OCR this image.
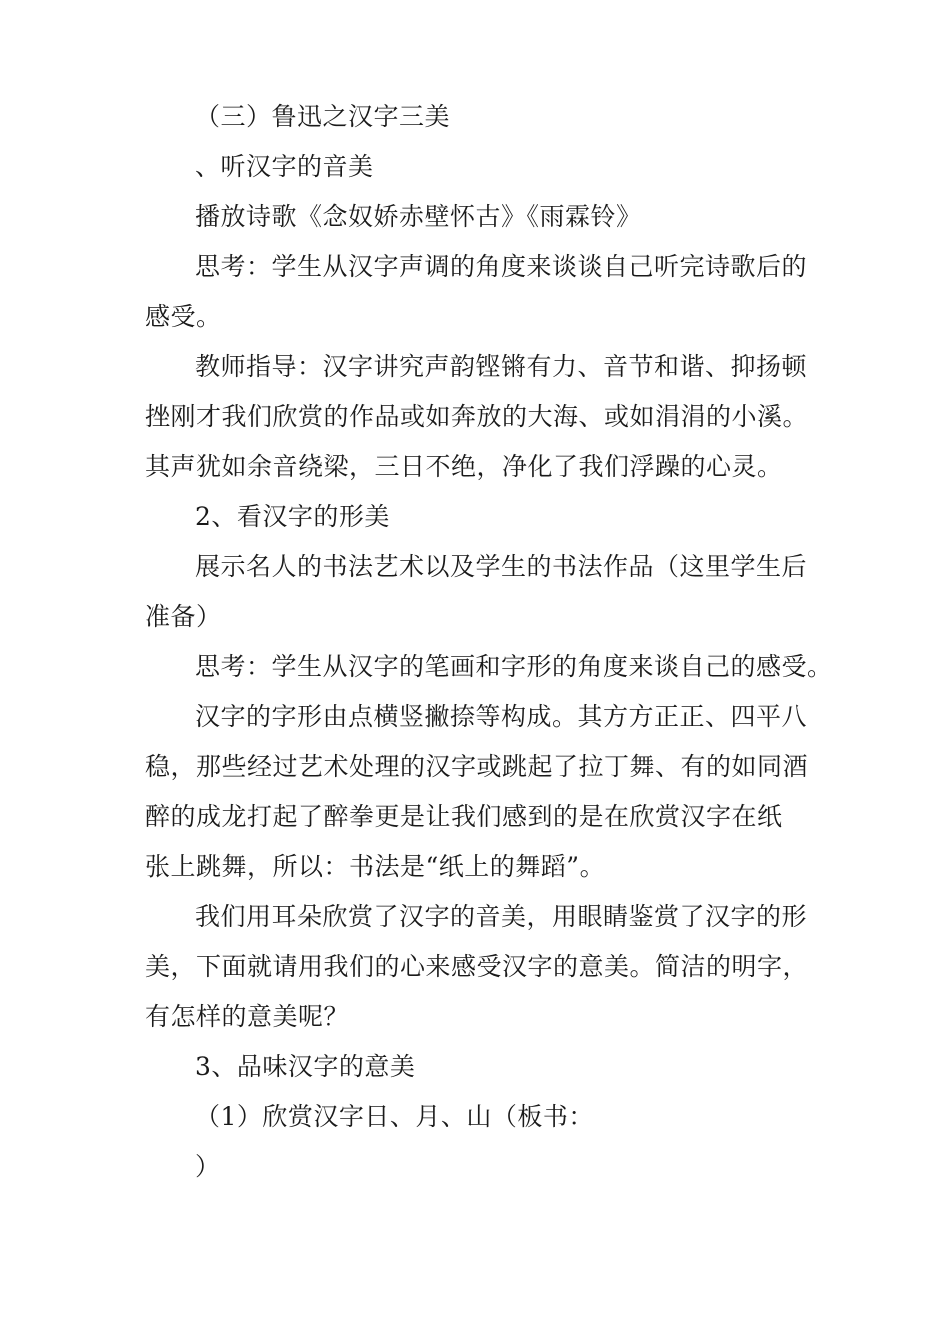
（三）鲁迅之汉字三美
、听汉字的音美
播放诗歌《念奴娇赤壁怀古》《雨霖铃》
思考：学生从汉字声调的角度来谈谈自己听完诗歌后的
感受。
教师指导：汉字讲究声韵铿锵有力、音节和谐、抑扬顿
挫刚才我们欣赏的作品或如奔放的大海、或如涓涓的小溪。
其声犹如余音绕梁，三日不绝，净化了我们浮躁的心灵。
2、看汉字的形美
展示名人的书法艺术以及学生的书法作品（这里学生后
准备）
思考：学生从汉字的笔画和字形的角度来谈自己的感受。
汉字的字形由点横竖撇捺等构成。其方方正正、四平八
稳，那些经过艺术处理的汉字或跳起了拉丁舞、有的如同酒
醉的成龙打起了醉拳更是让我们感到的是在欣赏汉字在纸
张上跳舞，所以：书法是“纸上的舞蹈”。
我们用耳朵欣赏了汉字的音美，用眼睛鉴赏了汉字的形
美，下面就请用我们的心来感受汉字的意美。简洁的明字，
有怎样的意美呢？
3、品味汉字的意美
（1）欣赏汉字日、月、山（板书：
）
